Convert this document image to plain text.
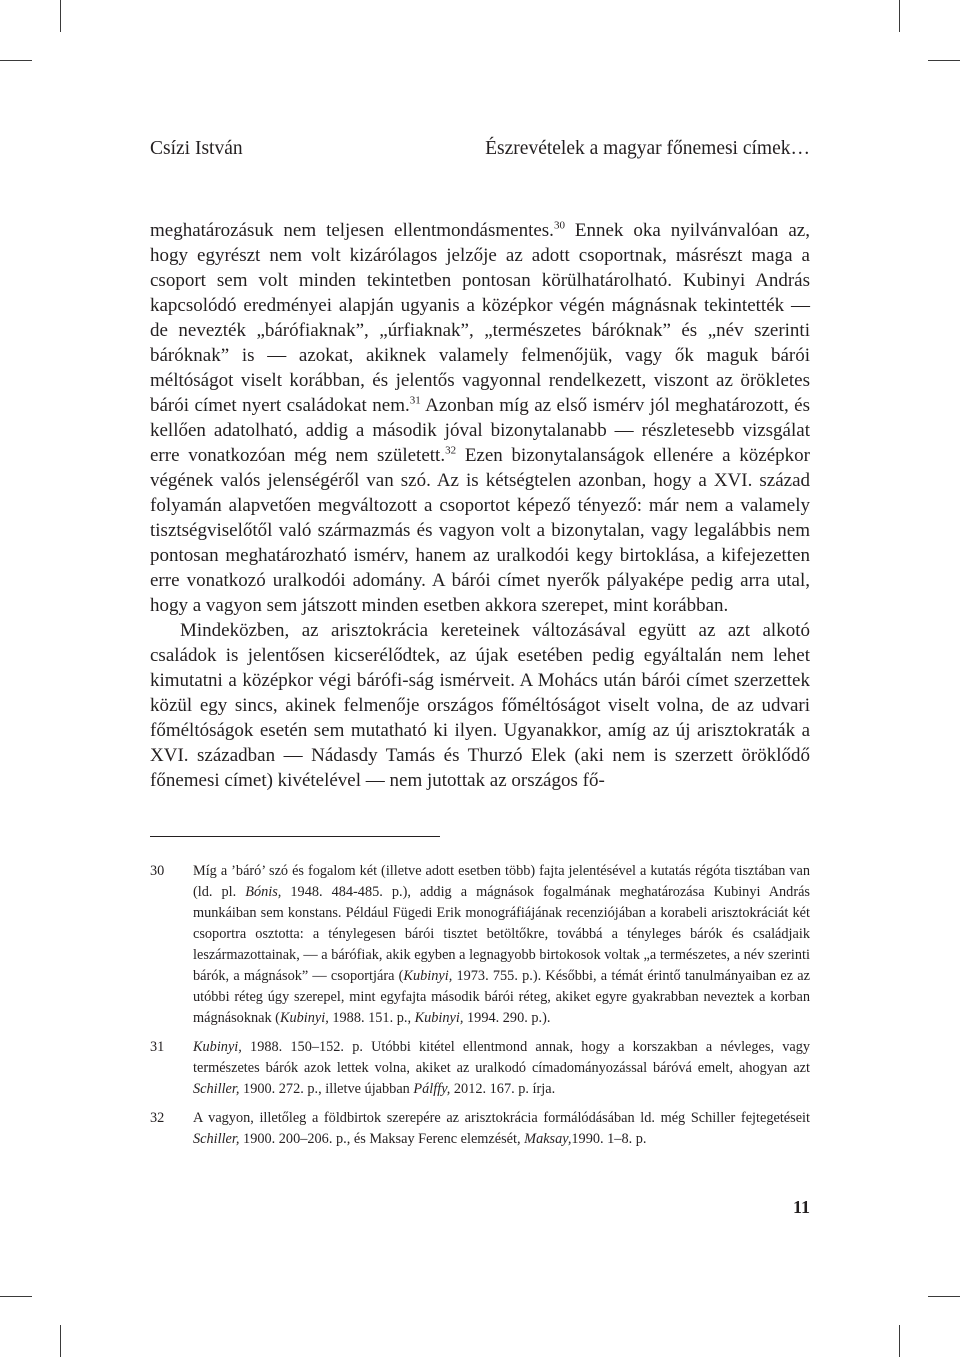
Csízi István	Észrevételek a magyar főnemesi címek…

meghatározásuk nem teljesen ellentmondásmentes.$^{30}$ Ennek oka nyilvánvalóan az, hogy egyrészt nem volt kizárólagos jelzője az adott csoportnak, másrészt maga a csoport sem volt minden tekintetben pontosan körülhatárolható. Kubinyi András kapcsolódó eredményei alapján ugyanis a középkor végén mágnásnak tekintették — de nevezték „bárófiaknak”, „úrfiaknak”, „természetes báróknak” és „név szerinti báróknak” is — azokat, akiknek valamely felmenőjük, vagy ők maguk bárói méltóságot viselt korábban, és jelentős vagyonnal rendelkezett, viszont az örökletes bárói címet nyert családokat nem.$^{31}$ Azonban míg az első ismérv jól meghatározott, és kellően adatolható, addig a második jóval bizonytalanabb — részletesebb vizsgálat erre vonatkozóan még nem született.$^{32}$ Ezen bizonytalanságok ellenére a középkor végének valós jelenségéről van szó. Az is kétségtelen azonban, hogy a XVI. század folyamán alapvetően megváltozott a csoportot képező tényező: már nem a valamely tisztségviselőtől való származmás és vagyon volt a bizonytalan, vagy legalábbis nem pontosan meghatározható ismérv, hanem az uralkodói kegy birtoklása, a kifejezetten erre vonatkozó uralkodói adomány. A bárói címet nyerők pályaképe pedig arra utal, hogy a vagyon sem játszott minden esetben akkora szerepet, mint korábban.

Mindeközben, az arisztokrácia kereteinek változásával együtt az azt alkotó családok is jelentősen kicserélődtek, az újak esetében pedig egyáltalán nem lehet kimutatni a középkor végi bárófi-ság ismérveit. A Mohács után bárói címet szerzettek közül egy sincs, akinek felmenője országos főméltóságot viselt volna, de az udvari főméltóságok esetén sem mutatható ki ilyen. Ugyanakkor, amíg az új arisztokraták a XVI. században — Nádasdy Tamás és Thurzó Elek (aki nem is szerzett öröklődő főnemesi címet) kivételével — nem jutottak az országos fő-

30 Míg a ’báró’ szó és fogalom két (illetve adott esetben több) fajta jelentésével a kutatás régóta tisztában van (ld. pl. Bónis, 1948. 484-485. p.), addig a mágnások fogalmának meghatározása Kubinyi András munkáiban sem konstans. Például Fügedi Erik monográfiájának recenziójában a korabeli arisztokráciát két csoportra osztotta: a ténylegesen bárói tisztet betöltőkre, továbbá a tényleges bárók és családjaik leszármazottainak, — a bárófiak, akik egyben a legnagyobb birtokosok voltak „a természetes, a név szerinti bárók, a mágnások” — csoportjára (Kubinyi, 1973. 755. p.). Későbbi, a témát érintő tanulmányaiban ez az utóbbi réteg úgy szerepel, mint egyfajta második bárói réteg, akiket egyre gyakrabban neveztek a korban mágnásoknak (Kubinyi, 1988. 151. p., Kubinyi, 1994. 290. p.).
31 Kubinyi, 1988. 150–152. p. Utóbbi kitétel ellentmond annak, hogy a korszakban a névleges, vagy természetes bárók azok lettek volna, akiket az uralkodó címadományozással báróvá emelt, ahogyan azt Schiller, 1900. 272. p., illetve újabban Pálffy, 2012. 167. p. írja.
32 A vagyon, illetőleg a földbirtok szerepére az arisztokrácia formálódásában ld. még Schiller fejtegetéseit Schiller, 1900. 200–206. p., és Maksay Ferenc elemzését, Maksay,1990. 1–8. p.
11
